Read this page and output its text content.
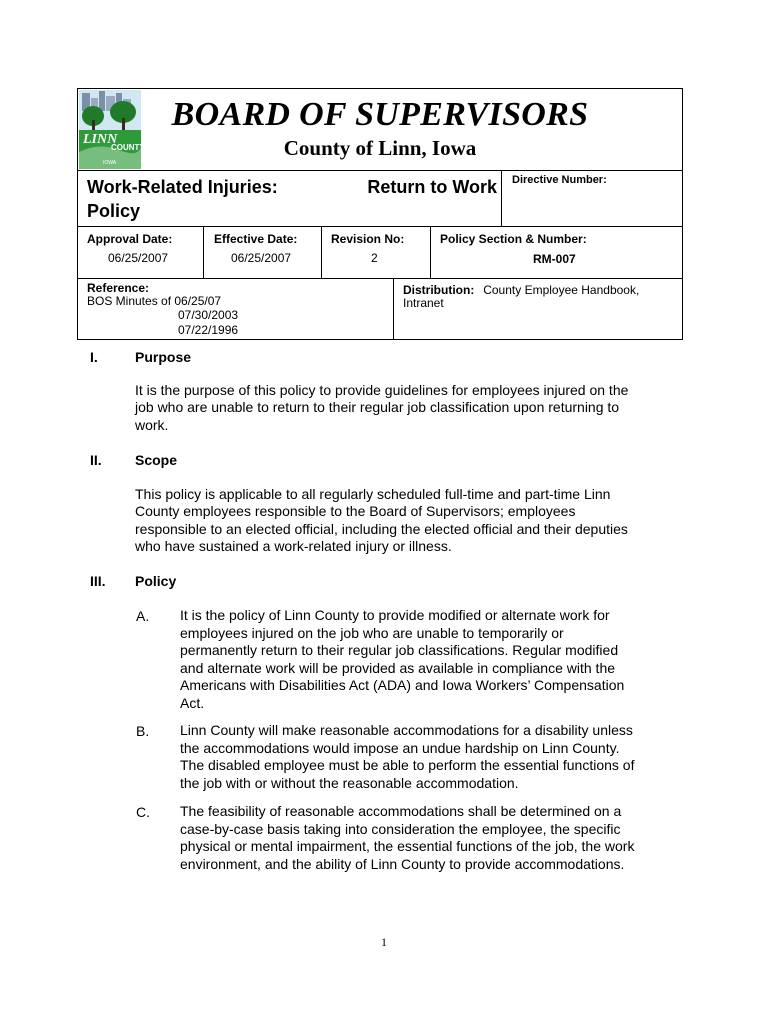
LINN
COUNTY
IOWA
BOARD OF SUPERVISORS
County of Linn, Iowa
Work-Related Injuries:	Return to Work
Policy
Directive Number:
Approval Date:
06/25/2007
Effective Date:
06/25/2007
Revision No:
2
Policy Section & Number:
RM-007
Reference:
BOS Minutes of 06/25/07
07/30/2003
07/22/1996
Distribution: County Employee Handbook,
Intranet
I.	Purpose
It is the purpose of this policy to provide guidelines for employees injured on the
job who are unable to return to their regular job classification upon returning to
work.
II. Scope
This policy is applicable to all regularly scheduled full-time and part-time Linn
County employees responsible to the Board of Supervisors; employees
responsible to an elected official, including the elected official and their deputies
who have sustained a work-related injury or illness.
III. Policy
A. It is the policy of Linn County to provide modified or alternate work for
employees injured on the job who are unable to temporarily or
permanently return to their regular job classifications. Regular modified
and alternate work will be provided as available in compliance with the
Americans with Disabilities Act (ADA) and Iowa Workers’ Compensation
Act.
B. Linn County will make reasonable accommodations for a disability unless
the accommodations would impose an undue hardship on Linn County.
The disabled employee must be able to perform the essential functions of
the job with or without the reasonable accommodation.
C. The feasibility of reasonable accommodations shall be determined on a
case-by-case basis taking into consideration the employee, the specific
physical or mental impairment, the essential functions of the job, the work
environment, and the ability of Linn County to provide accommodations.
1
